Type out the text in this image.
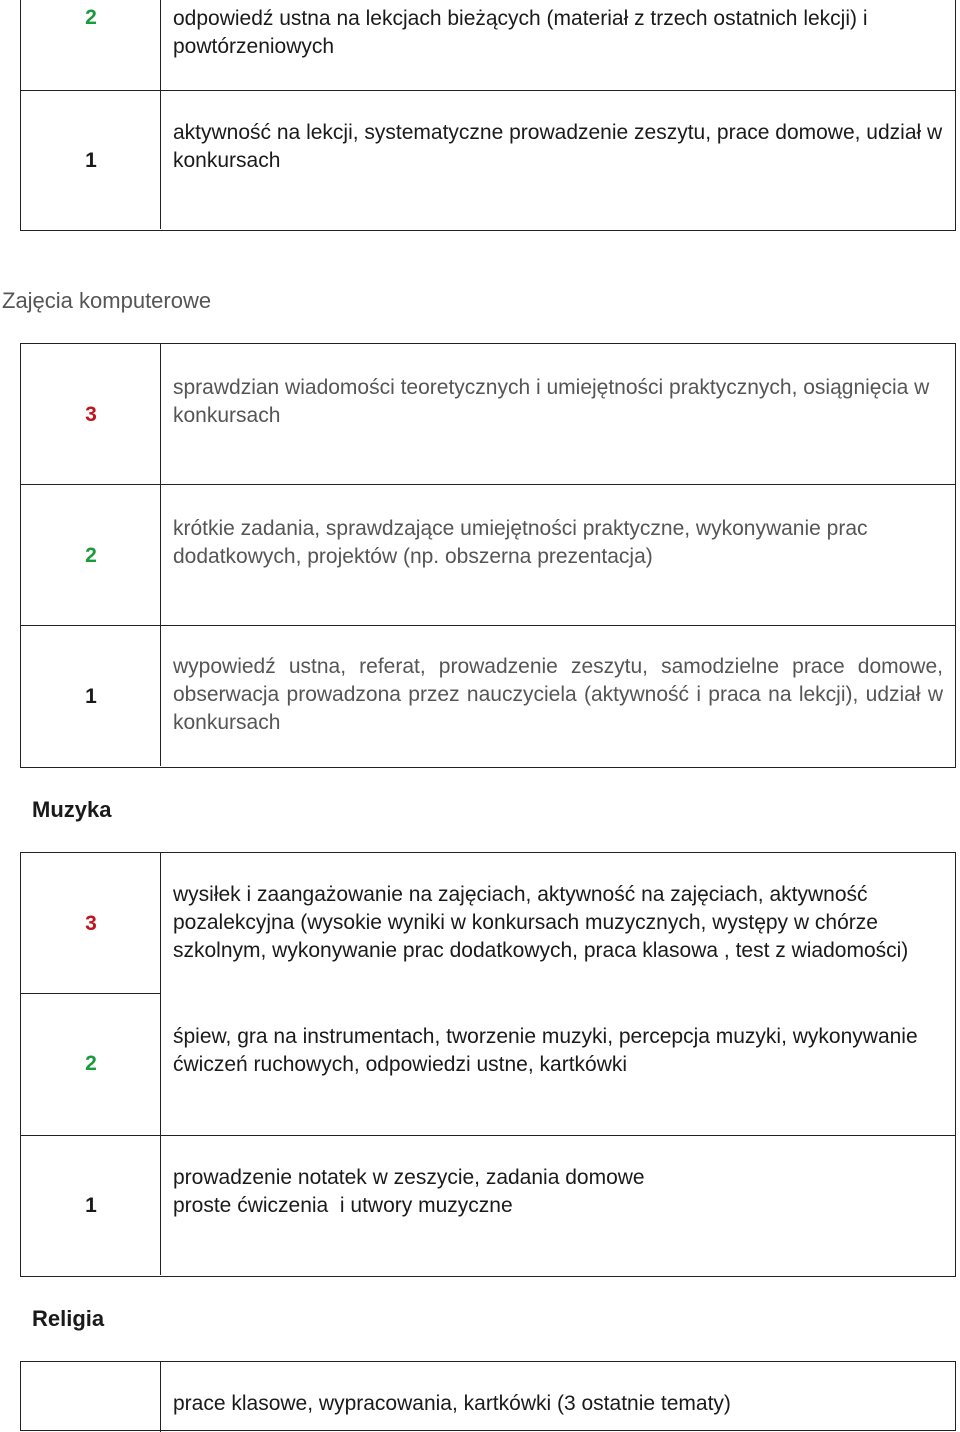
2	odpowiedź ustna na lekcjach bieżących (materiał z trzech ostatnich lekcji) i powtórzeniowych
1
aktywność na lekcji, systematyczne prowadzenie zeszytu, prace domowe, udział w konkursach
Zajęcia komputerowe
3
sprawdzian wiadomości teoretycznych i umiejętności praktycznych, osiągnięcia w konkursach
2
krótkie zadania, sprawdzające umiejętności praktyczne, wykonywanie prac dodatkowych, projektów (np. obszerna prezentacja)
1
wypowiedź ustna, referat, prowadzenie zeszytu, samodzielne prace domowe, obserwacja prowadzona przez nauczyciela (aktywność i praca na lekcji), udział w konkursach
Muzyka
3
wysiłek i zaangażowanie na zajęciach, aktywność na zajęciach, aktywność pozalekcyjna (wysokie wyniki w konkursach muzycznych, występy w chórze szkolnym, wykonywanie prac dodatkowych, praca klasowa , test z wiadomości)
2
śpiew, gra na instrumentach, tworzenie muzyki, percepcja muzyki, wykonywanie ćwiczeń ruchowych, odpowiedzi ustne, kartkówki
1
prowadzenie notatek w zeszycie, zadania domowe
proste ćwiczenia  i utwory muzyczne
Religia
prace klasowe, wypracowania, kartkówki (3 ostatnie tematy)
